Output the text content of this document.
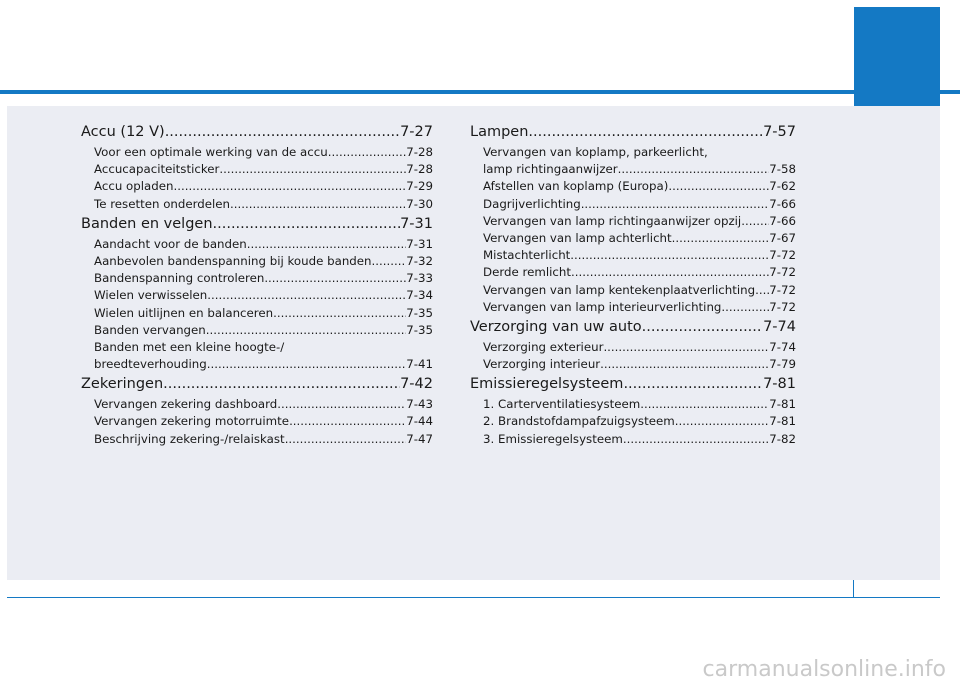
Accu (12 V) .....	7-27
Voor een optimale werking van de accu .....	7-28
Accucapaciteitsticker .....	7-28
Accu opladen .....	7-29
Te resetten onderdelen .....	7-30
Banden en velgen .....	7-31
Aandacht voor de banden .....	7-31
Aanbevolen bandenspanning bij koude banden .....	7-32
Bandenspanning controleren .....	7-33
Wielen verwisselen .....	7-34
Wielen uitlijnen en balanceren .....	7-35
Banden vervangen .....	7-35
Banden met een kleine hoogte-/
breedteverhouding .....	7-41
Zekeringen .....	7-42
Vervangen zekering dashboard .....	7-43
Vervangen zekering motorruimte .....	7-44
Beschrijving zekering-/relaiskast .....	7-47
Lampen .....	7-57
Vervangen van koplamp, parkeerlicht,
lamp richtingaanwijzer .....	7-58
Afstellen van koplamp (Europa) .....	7-62
Dagrijverlichting .....	7-66
Vervangen van lamp richtingaanwijzer opzij ..... 7-66
Vervangen van lamp achterlicht .....	7-67
Mistachterlicht .....	7-72
Derde remlicht .....	7-72
Vervangen van lamp kentekenplaatverlichting ..... 7-72
Vervangen van lamp interieurverlichting .....	7-72
Verzorging van uw auto .....	7-74
Verzorging exterieur .....	7-74
Verzorging interieur .....	7-79
Emissieregelsysteem .....	7-81
1. Carterventilatiesysteem .....	7-81
2. Brandstofdampafzuigsysteem .....	7-81
3. Emissieregelsysteem .....	7-82
carmanualsonline.info
